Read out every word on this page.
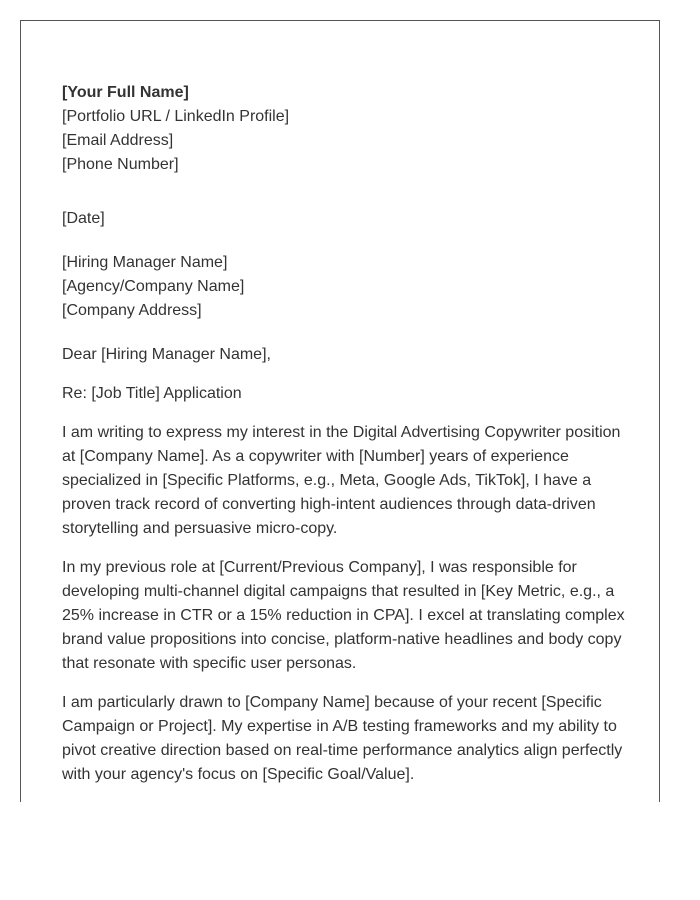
[Your Full Name]
[Portfolio URL / LinkedIn Profile]
[Email Address]
[Phone Number]
[Date]
[Hiring Manager Name]
[Agency/Company Name]
[Company Address]
Dear [Hiring Manager Name],
Re: [Job Title] Application

I am writing to express my interest in the Digital Advertising Copywriter position at [Company Name]. As a copywriter with [Number] years of experience specialized in [Specific Platforms, e.g., Meta, Google Ads, TikTok], I have a proven track record of converting high-intent audiences through data-driven storytelling and persuasive micro-copy.

In my previous role at [Current/Previous Company], I was responsible for developing multi-channel digital campaigns that resulted in [Key Metric, e.g., a 25% increase in CTR or a 15% reduction in CPA]. I excel at translating complex brand value propositions into concise, platform-native headlines and body copy that resonate with specific user personas.

I am particularly drawn to [Company Name] because of your recent [Specific Campaign or Project]. My expertise in A/B testing frameworks and my ability to pivot creative direction based on real-time performance analytics align perfectly with your agency's focus on [Specific Goal/Value].
